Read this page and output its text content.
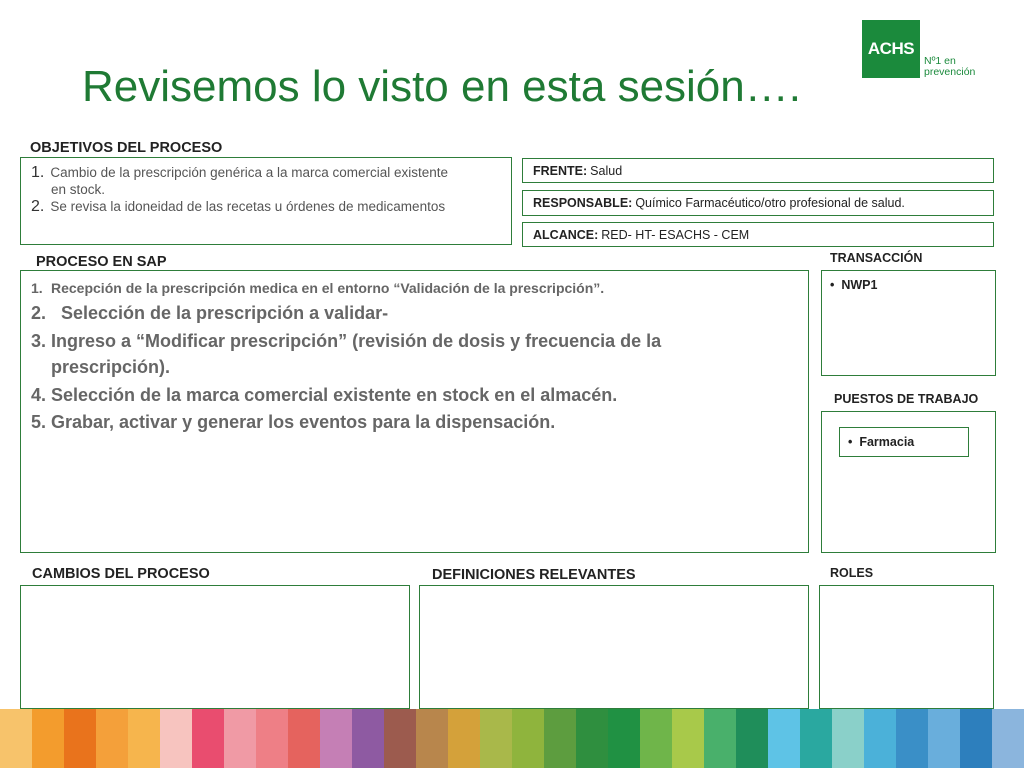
Revisemos lo visto en esta sesión….
ACHS
Nº1 en
prevención
OBJETIVOS DEL PROCESO
1. Cambio de la prescripción genérica a la marca comercial existente
en stock.
2. Se revisa la idoneidad de las recetas u órdenes de medicamentos
FRENTE: Salud
RESPONSABLE: Químico Farmacéutico/otro profesional de salud.
ALCANCE: RED- HT- ESACHS - CEM
PROCESO EN SAP
1. Recepción de la prescripción medica en el entorno “Validación de la prescripción”.
2. Selección de la prescripción a validar-
3. Ingreso a “Modificar prescripción” (revisión de dosis y frecuencia de la
prescripción).
4. Selección de la marca comercial existente en stock en el almacén.
5. Grabar, activar y generar los eventos para la dispensación.
TRANSACCIÓN
• NWP1
PUESTOS DE TRABAJO
• Farmacia
CAMBIOS DEL PROCESO	DEFINICIONES RELEVANTES	ROLES
